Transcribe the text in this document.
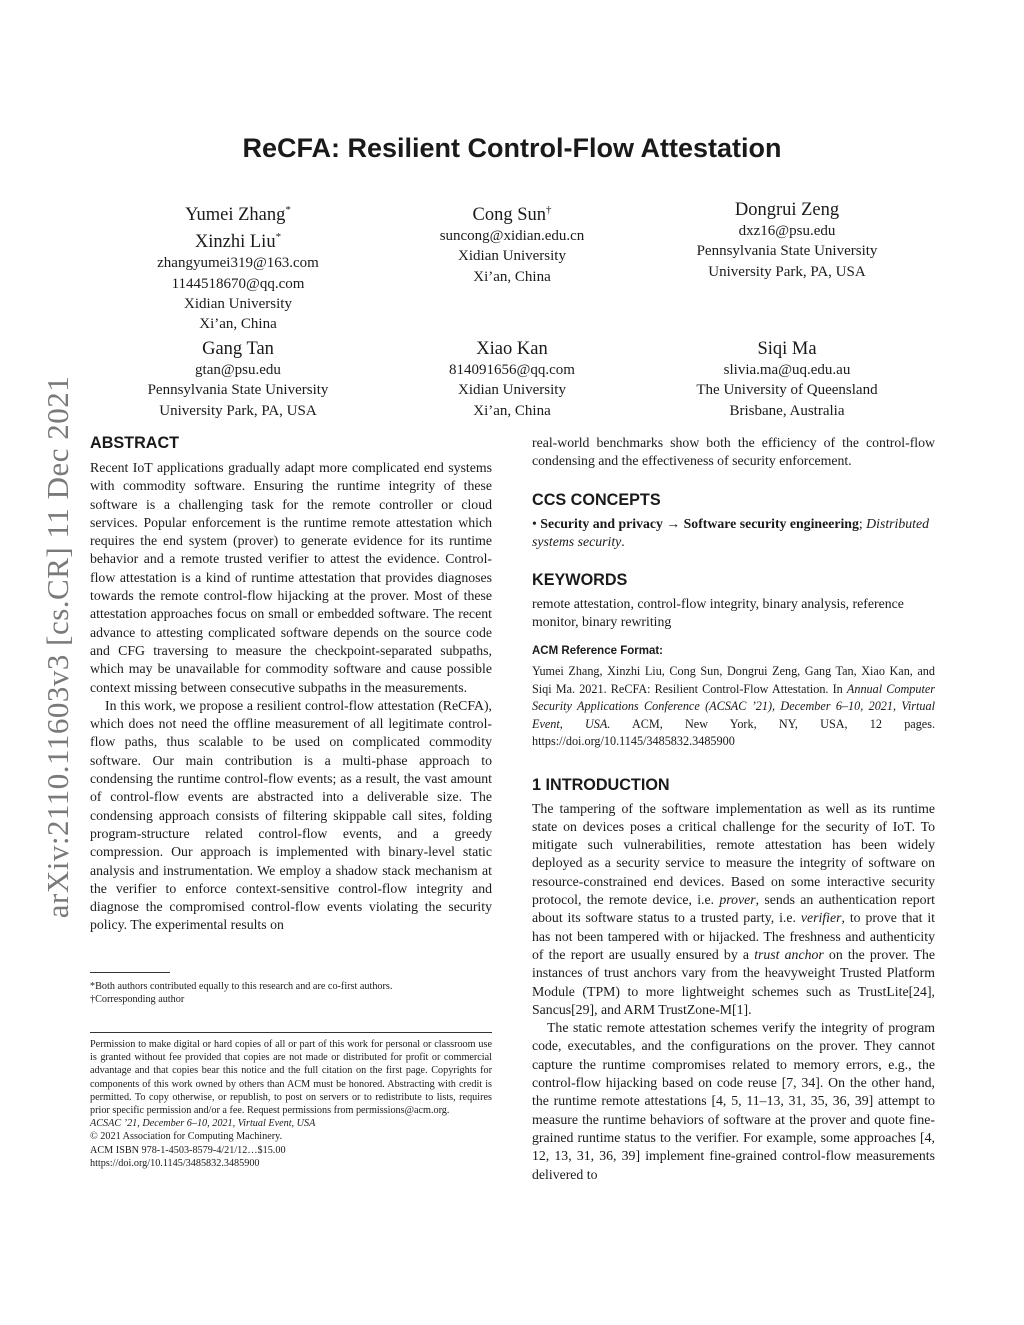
arXiv:2110.11603v3 [cs.CR] 11 Dec 2021
ReCFA: Resilient Control-Flow Attestation
Yumei Zhang*
Xinzhi Liu*
zhangyumei319@163.com
1144518670@qq.com
Xidian University
Xi’an, China
Cong Sun†
suncong@xidian.edu.cn
Xidian University
Xi’an, China
Dongrui Zeng
dxz16@psu.edu
Pennsylvania State University
University Park, PA, USA
Gang Tan
gtan@psu.edu
Pennsylvania State University
University Park, PA, USA
Xiao Kan
814091656@qq.com
Xidian University
Xi’an, China
Siqi Ma
slivia.ma@uq.edu.au
The University of Queensland
Brisbane, Australia
ABSTRACT

Recent IoT applications gradually adapt more complicated end systems with commodity software. Ensuring the runtime integrity of these software is a challenging task for the remote controller or cloud services. Popular enforcement is the runtime remote attestation which requires the end system (prover) to generate evidence for its runtime behavior and a remote trusted verifier to attest the evidence. Control-flow attestation is a kind of runtime attestation that provides diagnoses towards the remote control-flow hijacking at the prover. Most of these attestation approaches focus on small or embedded software. The recent advance to attesting complicated software depends on the source code and CFG traversing to measure the checkpoint-separated subpaths, which may be unavailable for commodity software and cause possible context missing between consecutive subpaths in the measurements.

In this work, we propose a resilient control-flow attestation (ReCFA), which does not need the offline measurement of all legitimate control-flow paths, thus scalable to be used on complicated commodity software. Our main contribution is a multi-phase approach to condensing the runtime control-flow events; as a result, the vast amount of control-flow events are abstracted into a deliverable size. The condensing approach consists of filtering skippable call sites, folding program-structure related control-flow events, and a greedy compression. Our approach is implemented with binary-level static analysis and instrumentation. We employ a shadow stack mechanism at the verifier to enforce context-sensitive control-flow integrity and diagnose the compromised control-flow events violating the security policy. The experimental results on

*Both authors contributed equally to this research and are co-first authors.

†Corresponding author

Permission to make digital or hard copies of all or part of this work for personal or classroom use is granted without fee provided that copies are not made or distributed for profit or commercial advantage and that copies bear this notice and the full citation on the first page. Copyrights for components of this work owned by others than ACM must be honored. Abstracting with credit is permitted. To copy otherwise, or republish, to post on servers or to redistribute to lists, requires prior specific permission and/or a fee. Request permissions from permissions@acm.org.

ACSAC ’21, December 6–10, 2021, Virtual Event, USA

© 2021 Association for Computing Machinery.

ACM ISBN 978-1-4503-8579-4/21/12…$15.00

https://doi.org/10.1145/3485832.3485900

real-world benchmarks show both the efficiency of the control-flow condensing and the effectiveness of security enforcement.

CCS CONCEPTS

• Security and privacy → Software security engineering; Distributed systems security.

KEYWORDS

remote attestation, control-flow integrity, binary analysis, reference monitor, binary rewriting

ACM Reference Format:

Yumei Zhang, Xinzhi Liu, Cong Sun, Dongrui Zeng, Gang Tan, Xiao Kan, and Siqi Ma. 2021. ReCFA: Resilient Control-Flow Attestation. In Annual Computer Security Applications Conference (ACSAC ’21), December 6–10, 2021, Virtual Event, USA. ACM, New York, NY, USA, 12 pages. https://doi.org/10.1145/3485832.3485900

1 INTRODUCTION

The tampering of the software implementation as well as its runtime state on devices poses a critical challenge for the security of IoT. To mitigate such vulnerabilities, remote attestation has been widely deployed as a security service to measure the integrity of software on resource-constrained end devices. Based on some interactive security protocol, the remote device, i.e. prover, sends an authentication report about its software status to a trusted party, i.e. verifier, to prove that it has not been tampered with or hijacked. The freshness and authenticity of the report are usually ensured by a trust anchor on the prover. The instances of trust anchors vary from the heavyweight Trusted Platform Module (TPM) to more lightweight schemes such as TrustLite[24], Sancus[29], and ARM TrustZone-M[1].

The static remote attestation schemes verify the integrity of program code, executables, and the configurations on the prover. They cannot capture the runtime compromises related to memory errors, e.g., the control-flow hijacking based on code reuse [7, 34]. On the other hand, the runtime remote attestations [4, 5, 11–13, 31, 35, 36, 39] attempt to measure the runtime behaviors of software at the prover and quote fine-grained runtime status to the verifier. For example, some approaches [4, 12, 13, 31, 36, 39] implement fine-grained control-flow measurements delivered to
